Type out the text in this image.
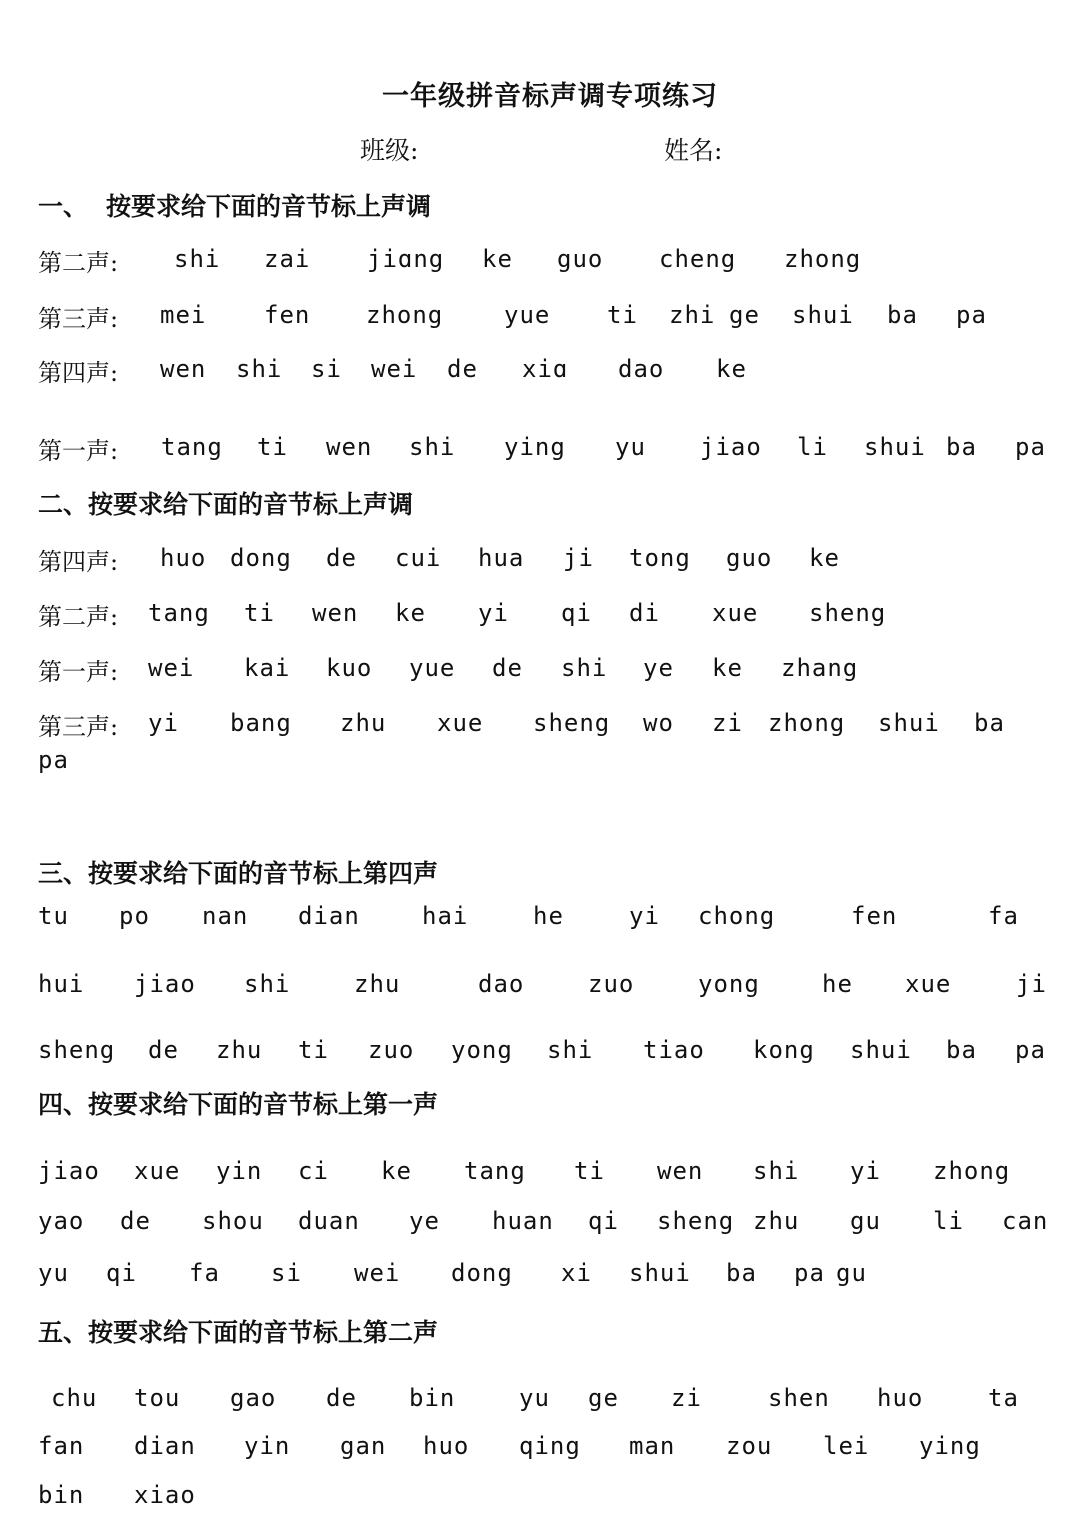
一年级拼音标声调专项练习
班级:	姓名:
一、 按要求给下面的音节标上声调
第二声: shi zai jiɑng ke guo cheng zhong
第三声: mei fen zhong	yue ti zhi ge shui ba pa
第四声: wen shi si wei de xiɑ dao ke
第一声: tang ti wen shi ying yu jiao li shui ba pa
二、按要求给下面的音节标上声调
第四声: huo dong de cui hua ji tong guo ke
第二声: tang ti wen ke yi qi di xue sheng
第一声: wei kai kuo yue de shi ye ke zhang
第三声: yi bang zhu xue sheng wo zi zhong shui ba
pa
三、按要求给下面的音节标上第四声
tu po nan dian	hai	he	yi chong	fen	fa
hui jiao shi	zhu	dao	zuo	yong	he xue	ji
sheng de zhu ti zuo yong shi tiao kong shui ba pa
四、按要求给下面的音节标上第一声
jiao xue yin ci ke tang ti wen shi yi zhong
yao de shou duan ye huan qi sheng zhu gu li can
yu qi fa si wei dong xi shui ba pa gu
五、按要求给下面的音节标上第二声
chu tou gao de bin	yu ge zi	shen huo	ta
fan dian yin gan huo qing man zou lei ying
bin xiao
